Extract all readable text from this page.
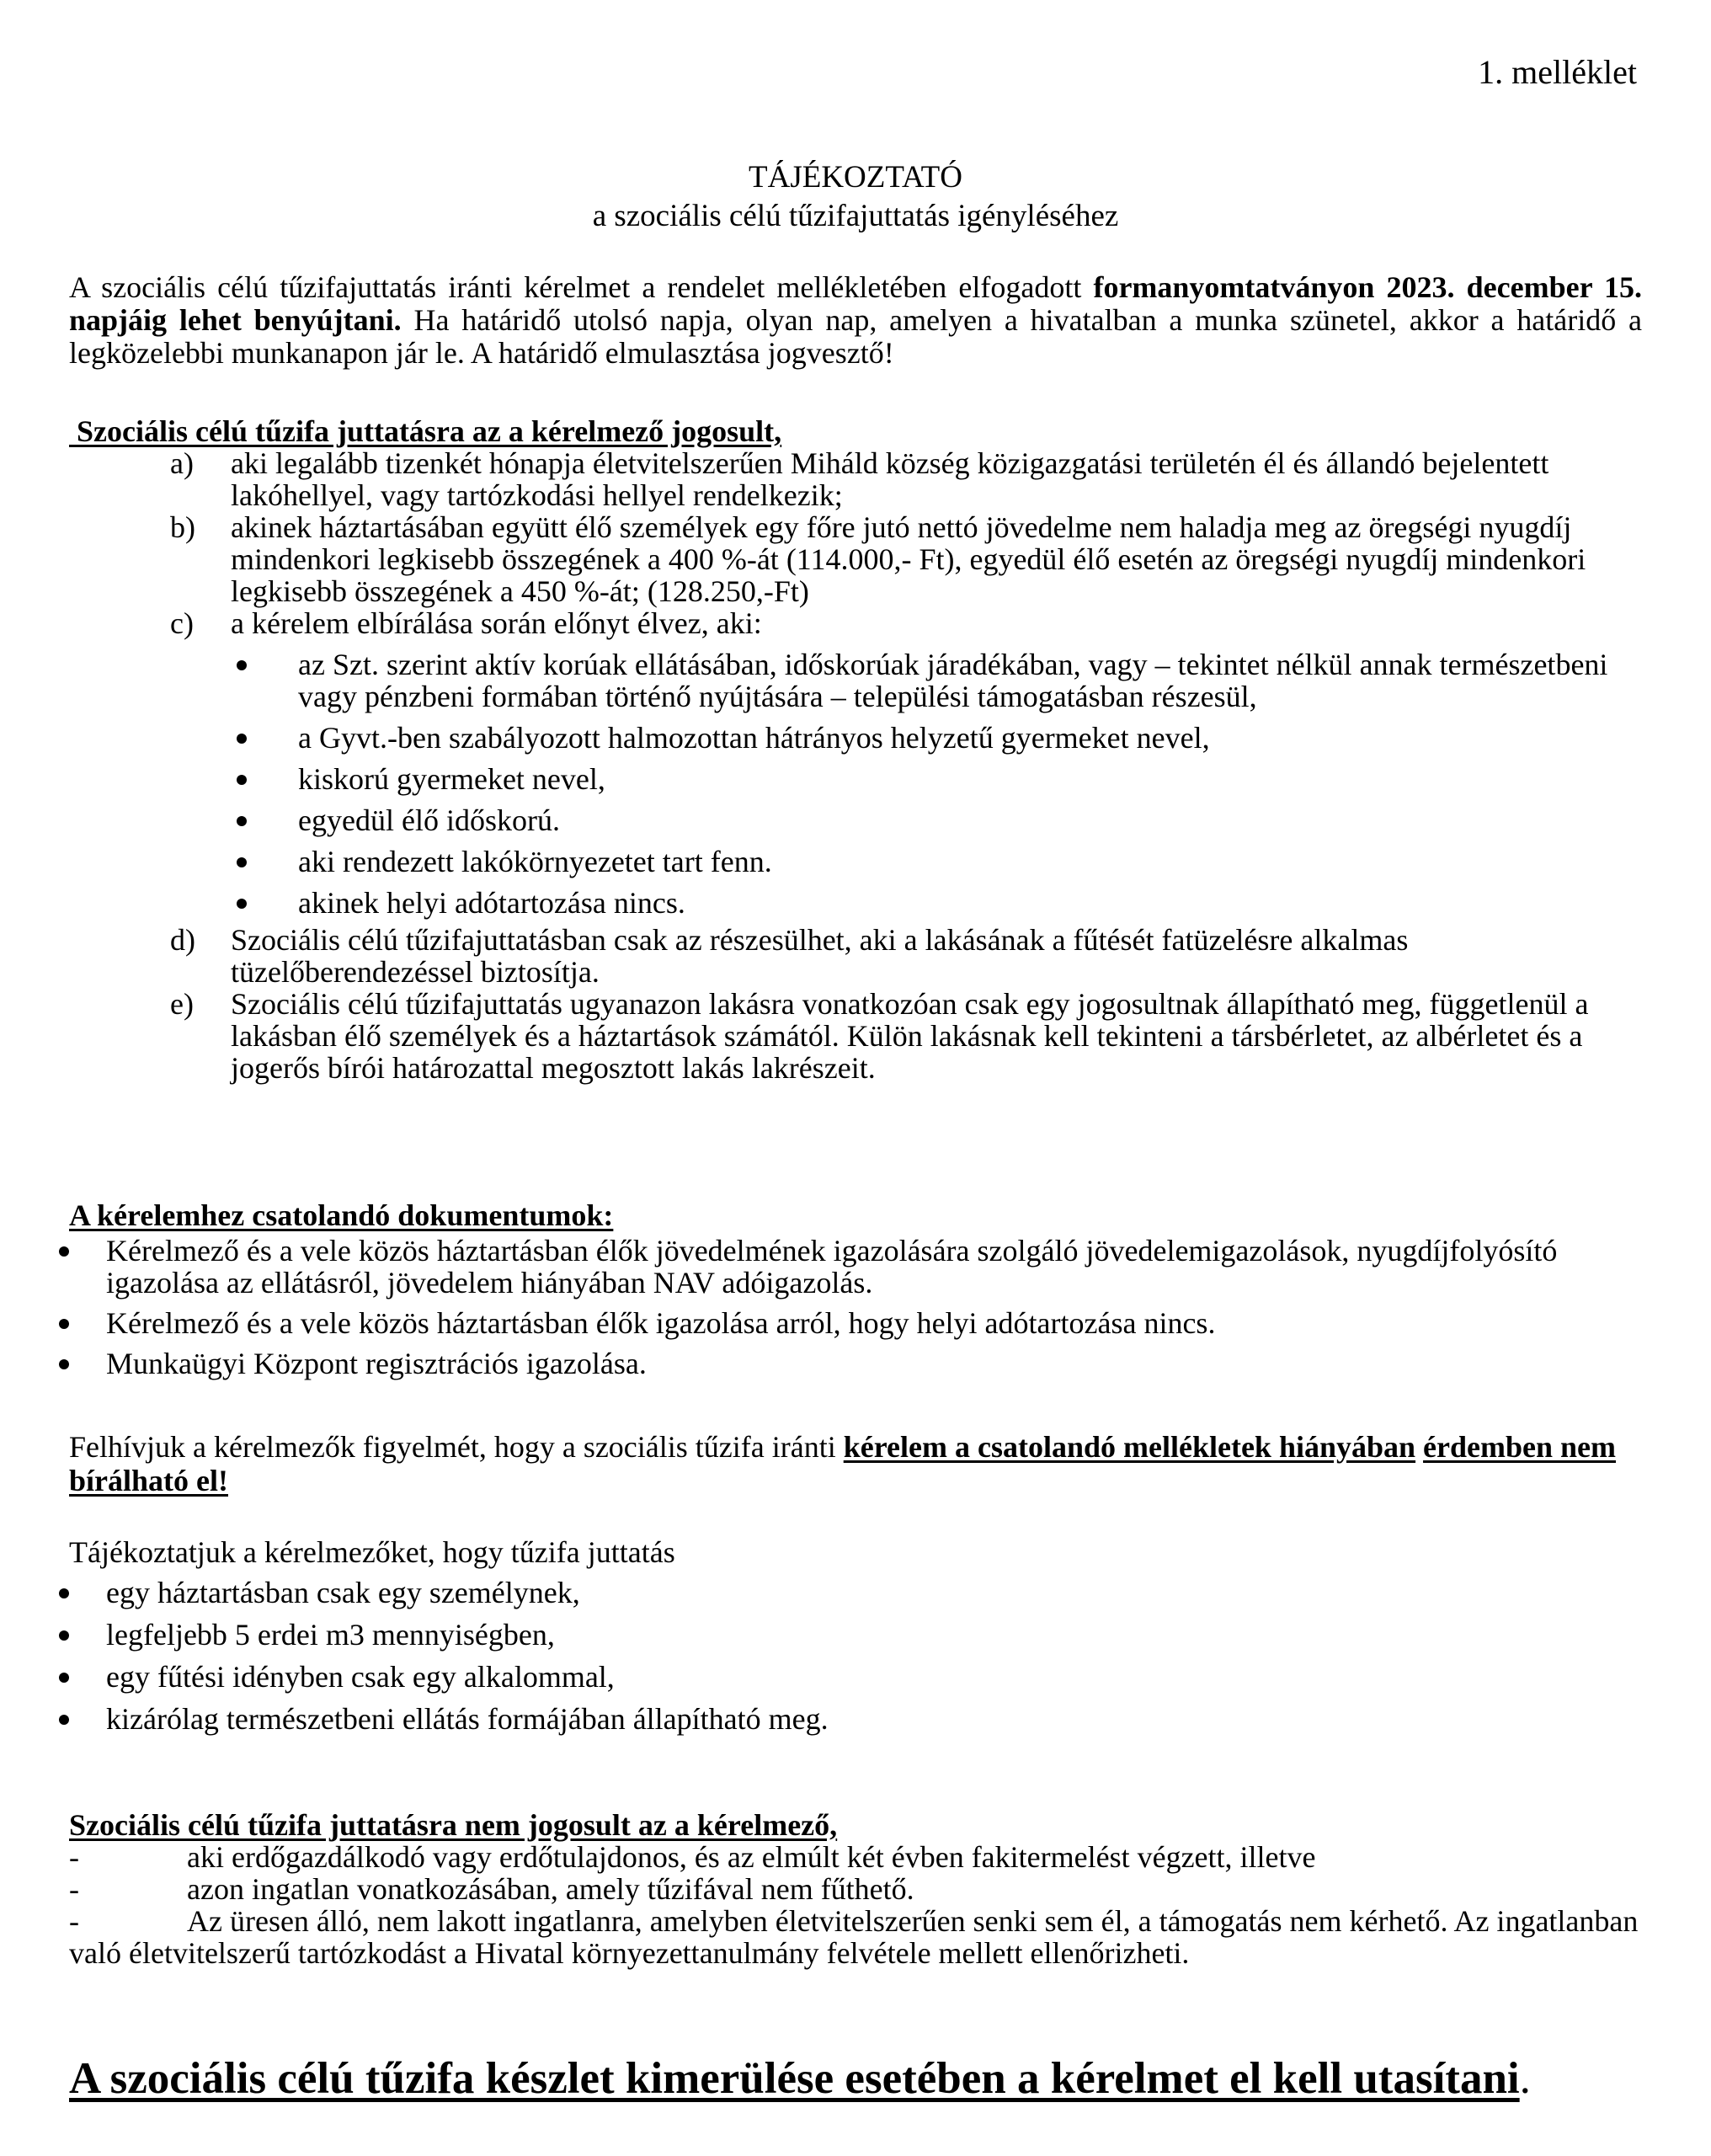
1. melléklet
TÁJÉKOZTATÓ
a szociális célú tűzifajuttatás igényléséhez

A szociális célú tűzifajuttatás iránti kérelmet a rendelet mellékletében elfogadott formanyomtatványon 2023. december 15. napjáig lehet benyújtani. Ha határidő utolsó napja, olyan nap, amelyen a hivatalban a munka szünetel, akkor a határidő a legközelebbi munkanapon jár le. A határidő elmulasztása jogvesztő!

Szociális célú tűzifa juttatásra az a kérelmező jogosult,
a) aki legalább tizenkét hónapja életvitelszerűen Miháld község közigazgatási területén él és állandó bejelentett lakóhellyel, vagy tartózkodási hellyel rendelkezik;
b) akinek háztartásában együtt élő személyek egy főre jutó nettó jövedelme nem haladja meg az öregségi nyugdíj mindenkori legkisebb összegének a 400 %-át (114.000,- Ft), egyedül élő esetén az öregségi nyugdíj mindenkori legkisebb összegének a 450 %-át; (128.250,-Ft)
c) a kérelem elbírálása során előnyt élvez, aki:
az Szt. szerint aktív korúak ellátásában, időskorúak járadékában, vagy – tekintet nélkül annak természetbeni vagy pénzbeni formában történő nyújtására – települési támogatásban részesül,
a Gyvt.-ben szabályozott halmozottan hátrányos helyzetű gyermeket nevel,
kiskorú gyermeket nevel,
egyedül élő időskorú.
aki rendezett lakókörnyezetet tart fenn.
akinek helyi adótartozása nincs.
d) Szociális célú tűzifajuttatásban csak az részesülhet, aki a lakásának a fűtését fatüzelésre alkalmas tüzelőberendezéssel biztosítja.
e) Szociális célú tűzifajuttatás ugyanazon lakásra vonatkozóan csak egy jogosultnak állapítható meg, függetlenül a lakásban élő személyek és a háztartások számától. Külön lakásnak kell tekinteni a társbérletet, az albérletet és a jogerős bírói határozattal megosztott lakás lakrészeit.
A kérelemhez csatolandó dokumentumok:
Kérelmező és a vele közös háztartásban élők jövedelmének igazolására szolgáló jövedelemigazolások, nyugdíjfolyósító igazolása az ellátásról, jövedelem hiányában NAV adóigazolás.
Kérelmező és a vele közös háztartásban élők igazolása arról, hogy helyi adótartozása nincs.
Munkaügyi Központ regisztrációs igazolása.
Felhívjuk a kérelmezők figyelmét, hogy a szociális tűzifa iránti kérelem a csatolandó mellékletek hiányában érdemben nem bírálható el!
Tájékoztatjuk a kérelmezőket, hogy tűzifa juttatás
egy háztartásban csak egy személynek,
legfeljebb 5 erdei m3 mennyiségben,
egy fűtési idényben csak egy alkalommal,
kizárólag természetbeni ellátás formájában állapítható meg.
Szociális célú tűzifa juttatásra nem jogosult az a kérelmező,
-	aki erdőgazdálkodó vagy erdőtulajdonos, és az elmúlt két évben fakitermelést végzett, illetve
-	azon ingatlan vonatkozásában, amely tűzifával nem fűthető.
-	Az üresen álló, nem lakott ingatlanra, amelyben életvitelszerűen senki sem él, a támogatás nem kérhető. Az ingatlanban való életvitelszerű tartózkodást a Hivatal környezettanulmány felvétele mellett ellenőrizheti.
A szociális célú tűzifa készlet kimerülése esetében a kérelmet el kell utasítani.
